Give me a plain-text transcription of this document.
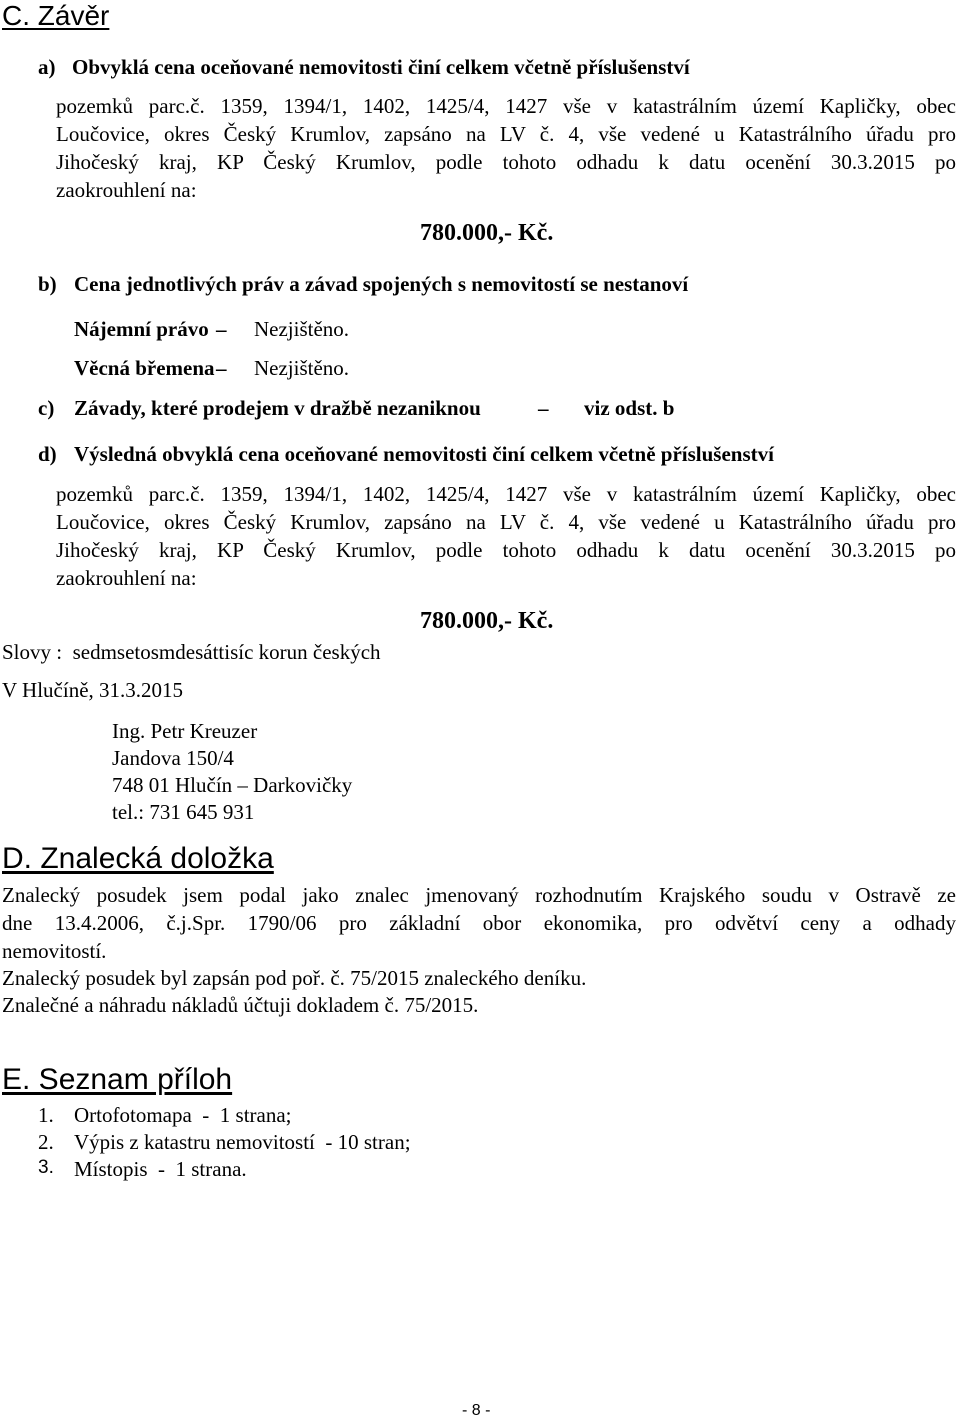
C. Závěr
a) Obvyklá cena oceňované nemovitosti činí celkem včetně příslušenství
pozemků parc.č. 1359, 1394/1, 1402, 1425/4, 1427 vše v katastrálním území Kapličky, obec
Loučovice, okres Český Krumlov, zapsáno na LV č. 4, vše vedené u Katastrálního úřadu pro
Jihočeský kraj, KP Český Krumlov, podle tohoto odhadu k datu ocenění 30.3.2015 po
zaokrouhlení na:
780.000,- Kč.
b) Cena jednotlivých práv a závad spojených s nemovitostí se nestanoví
Nájemní právo – Nezjištěno.
Věcná břemena – Nezjištěno.
c) Závady, které prodejem v dražbě nezaniknou	– viz odst. b
d) Výsledná obvyklá cena oceňované nemovitosti činí celkem včetně příslušenství
pozemků parc.č. 1359, 1394/1, 1402, 1425/4, 1427 vše v katastrálním území Kapličky, obec
Loučovice, okres Český Krumlov, zapsáno na LV č. 4, vše vedené u Katastrálního úřadu pro
Jihočeský kraj, KP Český Krumlov, podle tohoto odhadu k datu ocenění 30.3.2015 po
zaokrouhlení na:
780.000,- Kč.
Slovy :  sedmsetosmdesáttisíc korun českých
V Hlučíně, 31.3.2015
Ing. Petr Kreuzer
Jandova 150/4
748 01 Hlučín – Darkovičky
tel.: 731 645 931
D. Znalecká doložka
Znalecký posudek jsem podal jako znalec jmenovaný rozhodnutím Krajského soudu v Ostravě ze
dne 13.4.2006, č.j.Spr. 1790/06 pro základní obor ekonomika, pro odvětví ceny a odhady
nemovitostí.
Znalecký posudek byl zapsán pod poř. č. 75/2015 znaleckého deníku.
Znalečné a náhradu nákladů účtuji dokladem č. 75/2015.
E. Seznam příloh
1. Ortofotomapa  -  1 strana;
2. Výpis z katastru nemovitostí  - 10 stran;
3. Místopis  -  1 strana.
- 8 -
